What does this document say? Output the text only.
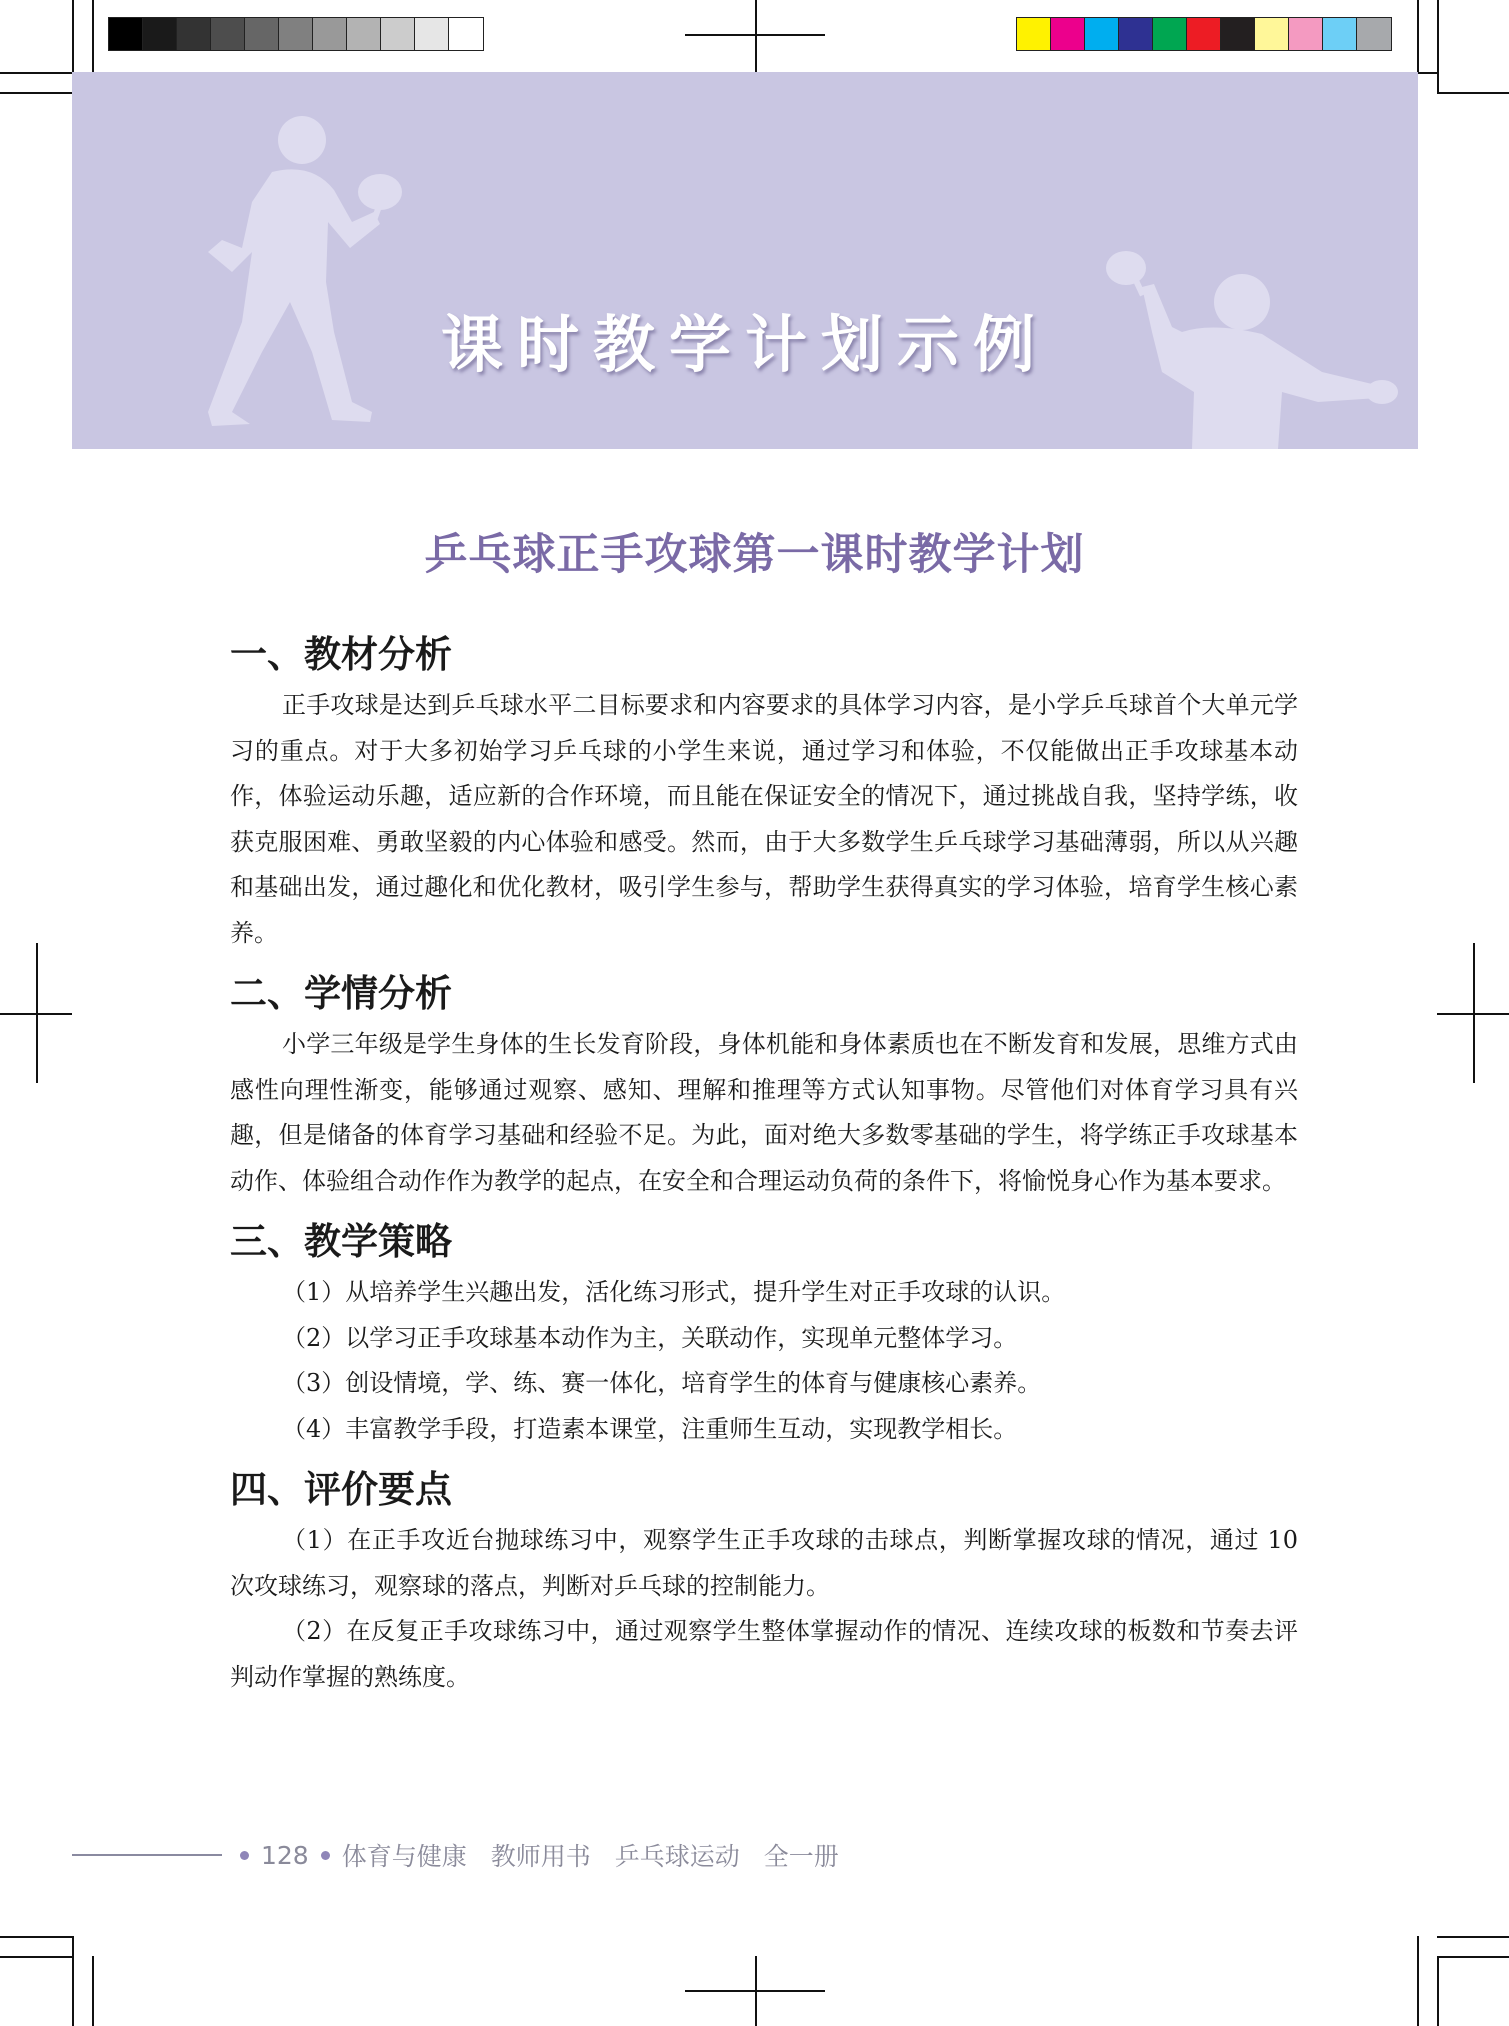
课时教学计划示例
乒乓球正手攻球第一课时教学计划
一、教材分析

正手攻球是达到乒乓球水平二目标要求和内容要求的具体学习内容，是小学乒乓球首个大单元学习的重点。对于大多初始学习乒乓球的小学生来说，通过学习和体验，不仅能做出正手攻球基本动作，体验运动乐趣，适应新的合作环境，而且能在保证安全的情况下，通过挑战自我，坚持学练，收获克服困难、勇敢坚毅的内心体验和感受。然而，由于大多数学生乒乓球学习基础薄弱，所以从兴趣和基础出发，通过趣化和优化教材，吸引学生参与，帮助学生获得真实的学习体验，培育学生核心素养。

二、学情分析

小学三年级是学生身体的生长发育阶段，身体机能和身体素质也在不断发育和发展，思维方式由感性向理性渐变，能够通过观察、感知、理解和推理等方式认知事物。尽管他们对体育学习具有兴趣，但是储备的体育学习基础和经验不足。为此，面对绝大多数零基础的学生，将学练正手攻球基本动作、体验组合动作作为教学的起点，在安全和合理运动负荷的条件下，将愉悦身心作为基本要求。

三、教学策略

（1）从培养学生兴趣出发，活化练习形式，提升学生对正手攻球的认识。

（2）以学习正手攻球基本动作为主，关联动作，实现单元整体学习。

（3）创设情境，学、练、赛一体化，培育学生的体育与健康核心素养。

（4）丰富教学手段，打造素本课堂，注重师生互动，实现教学相长。

四、评价要点

（1）在正手攻近台抛球练习中，观察学生正手攻球的击球点，判断掌握攻球的情况，通过 10 次攻球练习，观察球的落点，判断对乒乓球的控制能力。

（2）在反复正手攻球练习中，通过观察学生整体掌握动作的情况、连续攻球的板数和节奏去评判动作掌握的熟练度。

128 体育与健康 教师用书 乒乓球运动 全一册
